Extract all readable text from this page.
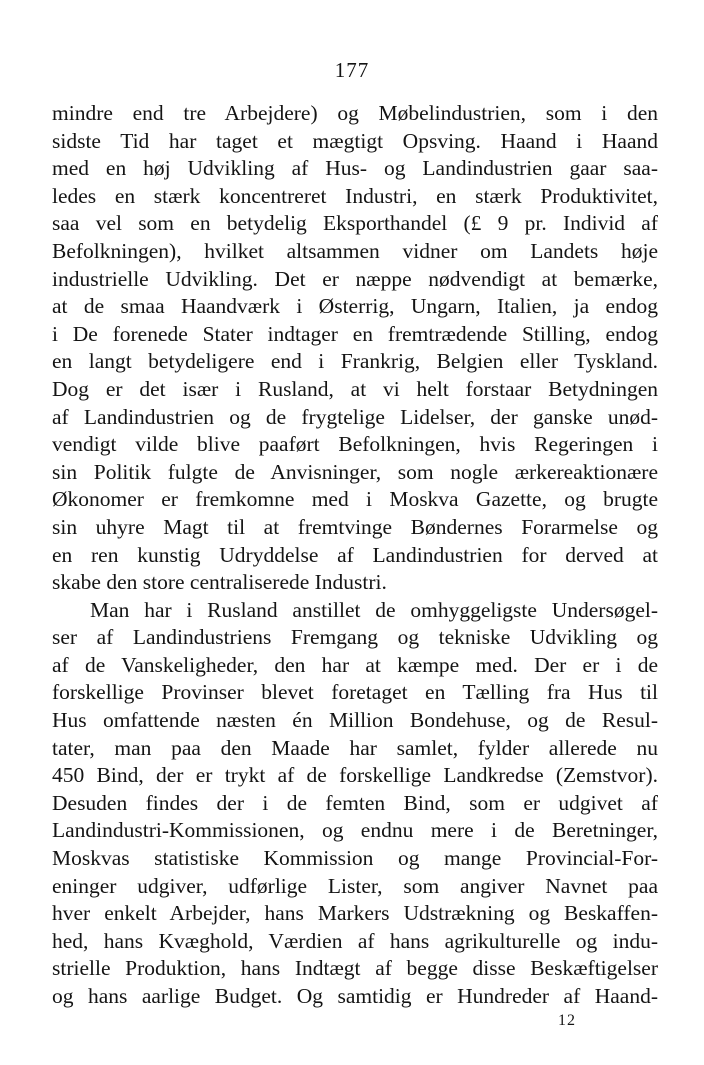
177
mindre end tre Arbejdere) og Møbelindustrien, som i den
sidste Tid har taget et mægtigt Opsving. Haand i Haand
med en høj Udvikling af Hus- og Landindustrien gaar saa-
ledes en stærk koncentreret Industri, en stærk Produktivitet,
saa vel som en betydelig Eksporthandel (£ 9 pr. Individ af
Befolkningen), hvilket altsammen vidner om Landets høje
industrielle Udvikling. Det er næppe nødvendigt at bemærke,
at de smaa Haandværk i Østerrig, Ungarn, Italien, ja endog
i De forenede Stater indtager en fremtrædende Stilling, endog
en langt betydeligere end i Frankrig, Belgien eller Tyskland.
Dog er det især i Rusland, at vi helt forstaar Betydningen
af Landindustrien og de frygtelige Lidelser, der ganske unød-
vendigt vilde blive paaført Befolkningen, hvis Regeringen i
sin Politik fulgte de Anvisninger, som nogle ærkereaktionære
Økonomer er fremkomne med i Moskva Gazette, og brugte
sin uhyre Magt til at fremtvinge Bøndernes Forarmelse og
en ren kunstig Udryddelse af Landindustrien for derved at
skabe den store centraliserede Industri.
Man har i Rusland anstillet de omhyggeligste Undersøgel-
ser af Landindustriens Fremgang og tekniske Udvikling og
af de Vanskeligheder, den har at kæmpe med. Der er i de
forskellige Provinser blevet foretaget en Tælling fra Hus til
Hus omfattende næsten én Million Bondehuse, og de Resul-
tater, man paa den Maade har samlet, fylder allerede nu
450 Bind, der er trykt af de forskellige Landkredse (Zemstvor).
Desuden findes der i de femten Bind, som er udgivet af
Landindustri-Kommissionen, og endnu mere i de Beretninger,
Moskvas statistiske Kommission og mange Provincial-For-
eninger udgiver, udførlige Lister, som angiver Navnet paa
hver enkelt Arbejder, hans Markers Udstrækning og Beskaffen-
hed, hans Kvæghold, Værdien af hans agrikulturelle og indu-
strielle Produktion, hans Indtægt af begge disse Beskæftigelser
og hans aarlige Budget. Og samtidig er Hundreder af Haand-
12
